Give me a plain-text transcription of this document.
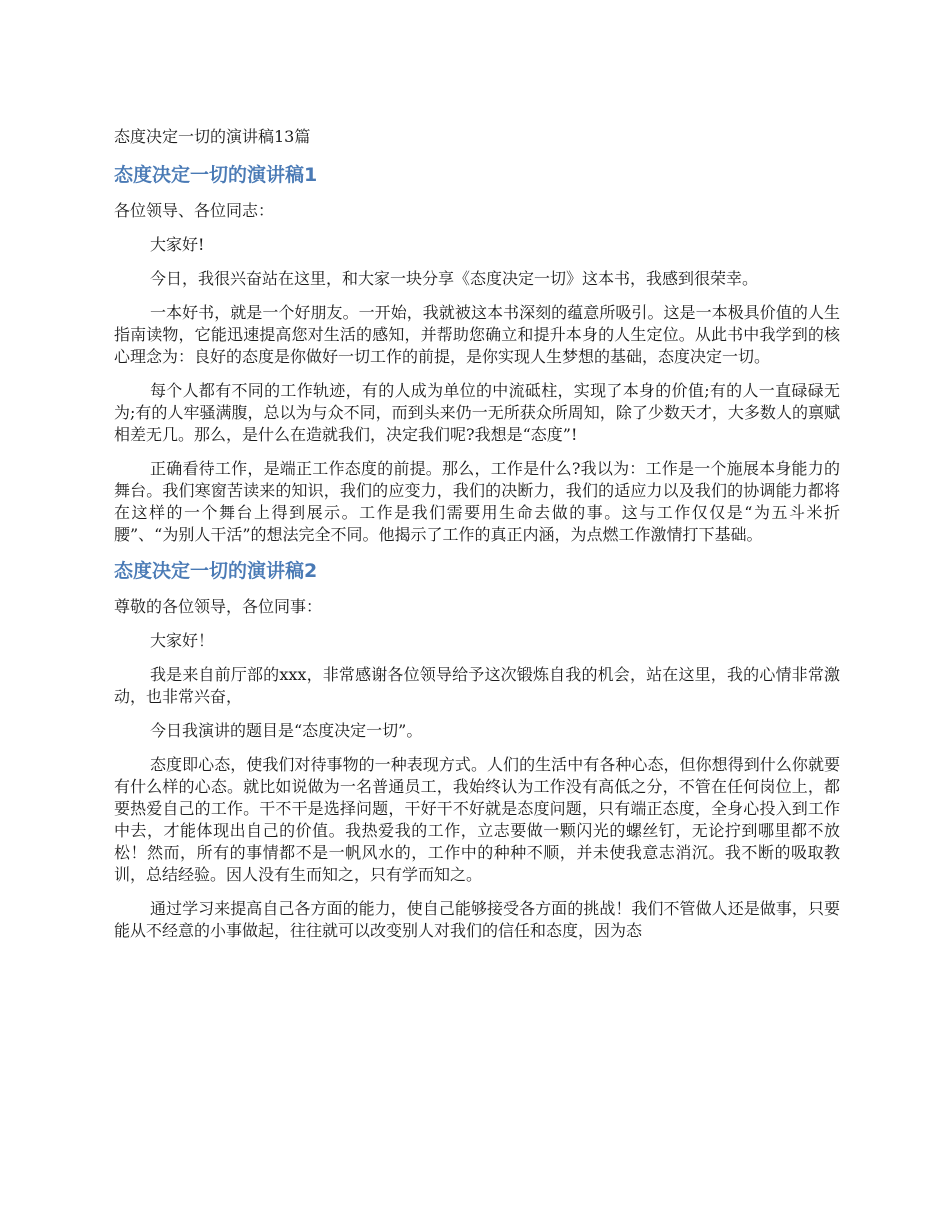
态度决定一切的演讲稿13篇
态度决定一切的演讲稿1
各位领导、各位同志：
大家好!
今日，我很兴奋站在这里，和大家一块分享《态度决定一切》这本书，我感到很荣幸。
一本好书，就是一个好朋友。一开始，我就被这本书深刻的蕴意所吸引。这是一本极具价值的人生指南读物，它能迅速提高您对生活的感知，并帮助您确立和提升本身的人生定位。从此书中我学到的核心理念为：良好的态度是你做好一切工作的前提，是你实现人生梦想的基础，态度决定一切。
每个人都有不同的工作轨迹，有的人成为单位的中流砥柱，实现了本身的价值;有的人一直碌碌无为;有的人牢骚满腹，总以为与众不同，而到头来仍一无所获众所周知，除了少数天才，大多数人的禀赋相差无几。那么，是什么在造就我们，决定我们呢?我想是“态度”!
正确看待工作，是端正工作态度的前提。那么，工作是什么?我以为：工作是一个施展本身能力的舞台。我们寒窗苦读来的知识，我们的应变力，我们的决断力，我们的适应力以及我们的协调能力都将在这样的一个舞台上得到展示。工作是我们需要用生命去做的事。这与工作仅仅是“为五斗米折腰”、“为别人干活”的想法完全不同。他揭示了工作的真正内涵，为点燃工作激情打下基础。
态度决定一切的演讲稿2
尊敬的各位领导，各位同事：
大家好！
我是来自前厅部的xxx，非常感谢各位领导给予这次锻炼自我的机会，站在这里，我的心情非常激动，也非常兴奋，
今日我演讲的题目是“态度决定一切”。
态度即心态，使我们对待事物的一种表现方式。人们的生活中有各种心态，但你想得到什么你就要有什么样的心态。就比如说做为一名普通员工，我始终认为工作没有高低之分，不管在任何岗位上，都要热爱自己的工作。干不干是选择问题，干好干不好就是态度问题，只有端正态度，全身心投入到工作中去，才能体现出自己的价值。我热爱我的工作，立志要做一颗闪光的螺丝钉，无论拧到哪里都不放松！然而，所有的事情都不是一帆风水的，工作中的种种不顺，并未使我意志消沉。我不断的吸取教训，总结经验。因人没有生而知之，只有学而知之。
通过学习来提高自己各方面的能力，使自己能够接受各方面的挑战！我们不管做人还是做事，只要能从不经意的小事做起，往往就可以改变别人对我们的信任和态度，因为态
